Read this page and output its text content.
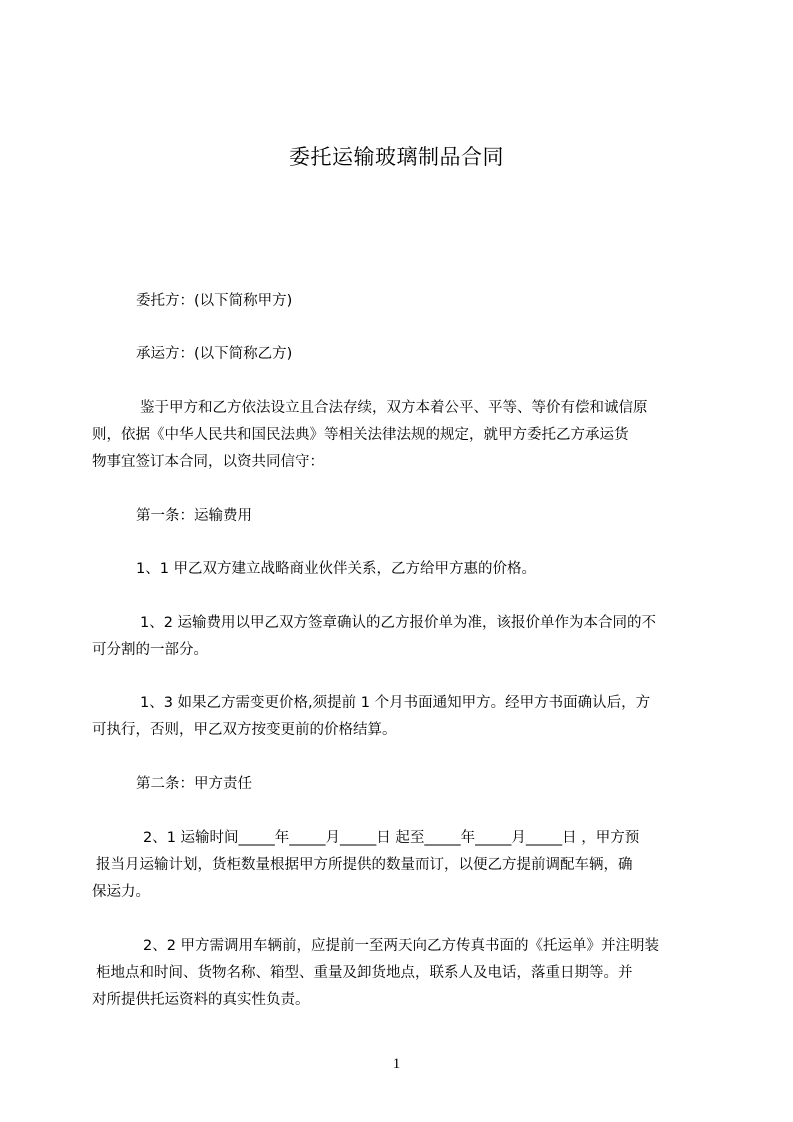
委托运输玻璃制品合同
委托方：(以下简称甲方)
承运方：(以下简称乙方)
鉴于甲方和乙方依法设立且合法存续，双方本着公平、平等、等价有偿和诚信原
则，依据《中华人民共和国民法典》等相关法律法规的规定，就甲方委托乙方承运货
物事宜签订本合同，以资共同信守：
第一条：运输费用
1、1 甲乙双方建立战略商业伙伴关系，乙方给甲方惠的价格。
1、2 运输费用以甲乙双方签章确认的乙方报价单为准，该报价单作为本合同的不
可分割的一部分。
1、3 如果乙方需变更价格,须提前 1 个月书面通知甲方。经甲方书面确认后，方
可执行，否则，甲乙双方按变更前的价格结算。
第二条：甲方责任
2、1 运输时间_____年_____月_____日 起至_____年_____月_____日 ，甲方预
报当月运输计划，货柜数量根据甲方所提供的数量而订，以便乙方提前调配车辆，确
保运力。
2、2 甲方需调用车辆前，应提前一至两天向乙方传真书面的《托运单》并注明装
柜地点和时间、货物名称、箱型、重量及卸货地点，联系人及电话，落重日期等。并
对所提供托运资料的真实性负责。
1
